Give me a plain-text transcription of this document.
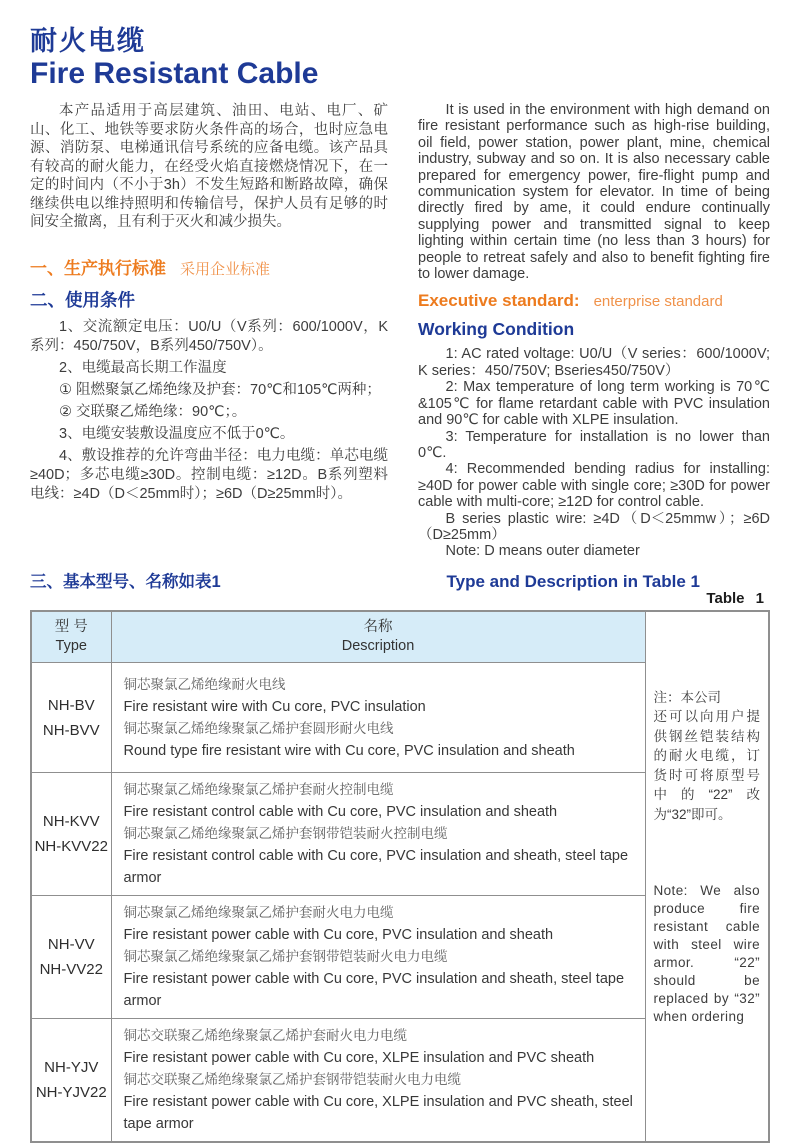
耐火电缆
Fire Resistant Cable

本产品适用于高层建筑、油田、电站、电厂、矿山、化工、地铁等要求防火条件高的场合，也时应急电源、消防泵、电梯通讯信号系统的应备电缆。该产品具有较高的耐火能力，在经受火焰直接燃烧情况下，在一定的时间内（不小于3h）不发生短路和断路故障，确保继续供电以维持照明和传输信号，保护人员有足够的时间安全撤离，且有利于灭火和减少损失。

一、生产执行标准 采用企业标准
二、使用条件

1、交流额定电压：U0/U（V系列：600/1000V，K系列：450/750V，B系列450/750V）。

2、电缆最高长期工作温度

① 阻燃聚氯乙烯绝缘及护套：70℃和105℃两种；

② 交联聚乙烯绝缘：90℃；。

3、电缆安装敷设温度应不低于0℃。

4、敷设推荐的允许弯曲半径：电力电缆：单芯电缆≥40D；多芯电缆≥30D。控制电缆：≥12D。B系列塑料电线：≥4D（D＜25mm时）；≥6D（D≥25mm时）。

It is used in the environment with high demand on fire resistant performance such as high-rise building, oil field, power station, power plant, mine, chemical industry, subway and so on. It is also necessary cable prepared for emergency power, fire-flight pump and communication system for elevator. In time of being directly fired by ame, it could endure continually supplying power and transmitted signal to keep lighting within certain time (no less than 3 hours) for people to retreat safely and also to benefit fighting fire to lower damage.

Executive standard: enterprise standard
Working Condition

1: AC rated voltage: U0/U（V series：600/1000V; K series：450/750V; Bseries450/750V）

2: Max temperature of long term working is 70℃ &105℃ for flame retardant cable with PVC insulation and 90℃ for cable with XLPE insulation.

3: Temperature for installation is no lower than 0℃.

4: Recommended bending radius for installing: ≥40D for power cable with single core; ≥30D for power cable with multi-core; ≥12D for control cable.

B series plastic wire: ≥4D（D＜25mmw）；≥6D（D≥25mm）

Note: D means outer diameter

三、基本型号、名称如表1	Type and Description in Table 1
Table 1
型 号
Type

名称
Description

注：本公司
还可以向用户提供钢丝铠装结构的耐火电缆，订货时可将原型号中的“22”改为“32”即可。
Note: We also produce fire resistant cable with steel wire armor. “22” should be replaced by “32” when ordering

NH-BV
NH-BVV

铜芯聚氯乙烯绝缘耐火电线
Fire resistant wire with Cu core, PVC insulation
铜芯聚氯乙烯绝缘聚氯乙烯护套圆形耐火电线
Round type fire resistant wire with Cu core, PVC insulation and sheath

NH-KVV
NH-KVV22

铜芯聚氯乙烯绝缘聚氯乙烯护套耐火控制电缆
Fire resistant control cable with Cu core, PVC insulation and sheath
铜芯聚氯乙烯绝缘聚氯乙烯护套钢带铠装耐火控制电缆
Fire resistant control cable with Cu core, PVC insulation and sheath, steel tape armor

NH-VV
NH-VV22

铜芯聚氯乙烯绝缘聚氯乙烯护套耐火电力电缆
Fire resistant power cable with Cu core, PVC insulation and sheath
铜芯聚氯乙烯绝缘聚氯乙烯护套钢带铠装耐火电力电缆
Fire resistant power cable with Cu core, PVC insulation and sheath, steel tape armor

NH-YJV
NH-YJV22

铜芯交联聚乙烯绝缘聚氯乙烯护套耐火电力电缆
Fire resistant power cable with Cu core, XLPE insulation and PVC sheath
铜芯交联聚乙烯绝缘聚氯乙烯护套钢带铠装耐火电力电缆
Fire resistant power cable with Cu core, XLPE insulation and PVC sheath, steel tape armor
